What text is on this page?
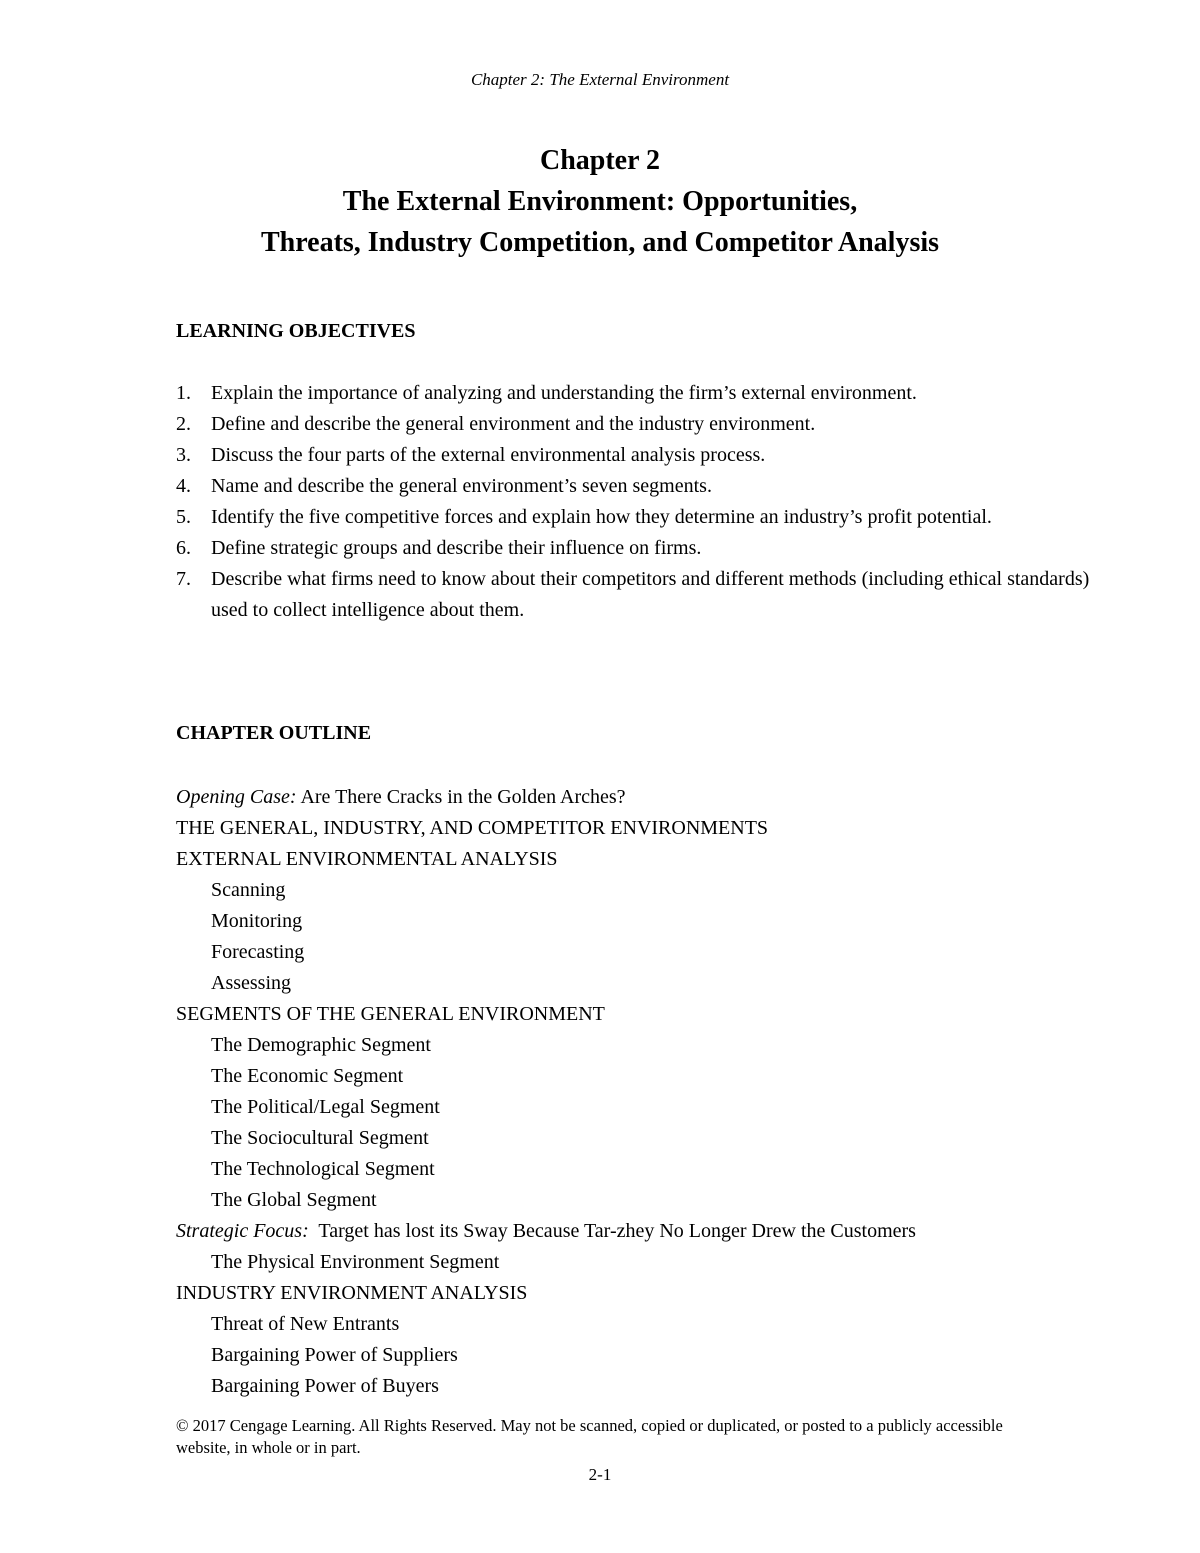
Chapter 2: The External Environment
Chapter 2
The External Environment: Opportunities,
Threats, Industry Competition, and Competitor Analysis
LEARNING OBJECTIVES
1. Explain the importance of analyzing and understanding the firm’s external environment.
2. Define and describe the general environment and the industry environment.
3. Discuss the four parts of the external environmental analysis process.
4. Name and describe the general environment’s seven segments.
5. Identify the five competitive forces and explain how they determine an industry’s profit potential.
6. Define strategic groups and describe their influence on firms.
7. Describe what firms need to know about their competitors and different methods (including ethical standards) used to collect intelligence about them.
CHAPTER OUTLINE
Opening Case: Are There Cracks in the Golden Arches?
THE GENERAL, INDUSTRY, AND COMPETITOR ENVIRONMENTS
EXTERNAL ENVIRONMENTAL ANALYSIS
Scanning
Monitoring
Forecasting
Assessing
SEGMENTS OF THE GENERAL ENVIRONMENT
The Demographic Segment
The Economic Segment
The Political/Legal Segment
The Sociocultural Segment
The Technological Segment
The Global Segment
Strategic Focus: Target has lost its Sway Because Tar-zhey No Longer Drew the Customers
The Physical Environment Segment
INDUSTRY ENVIRONMENT ANALYSIS
Threat of New Entrants
Bargaining Power of Suppliers
Bargaining Power of Buyers
© 2017 Cengage Learning. All Rights Reserved. May not be scanned, copied or duplicated, or posted to a publicly accessible website, in whole or in part.
2-1
